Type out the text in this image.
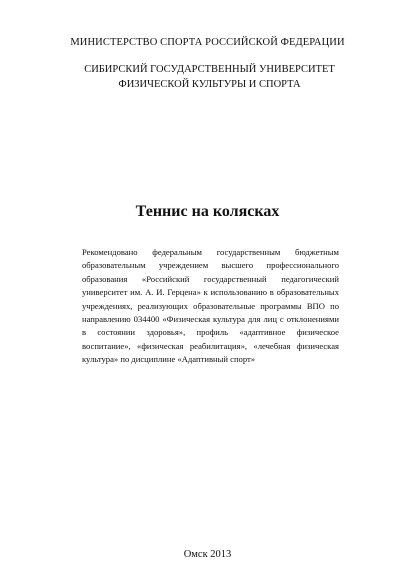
МИНИСТЕРСТВО СПОРТА РОССИЙСКОЙ ФЕДЕРАЦИИ
СИБИРСКИЙ ГОСУДАРСТВЕННЫЙ УНИВЕРСИТЕТ
ФИЗИЧЕСКОЙ КУЛЬТУРЫ И СПОРТА
Теннис на колясках
Рекомендовано федеральным государственным бюджетным образовательным учреждением высшего профессионального образования «Российский государственный педагогический университет им. А. И. Герцена» к использованию в образовательных учреждениях, реализующих образовательные программы ВПО по направлению 034400 «Физическая культура для лиц с отклонениями в состоянии здоровья», профиль «адаптивное физическое воспитание», «физическая реабилитация», «лечебная физическая культура» по дисциплине «Адаптивный спорт»
Омск 2013
